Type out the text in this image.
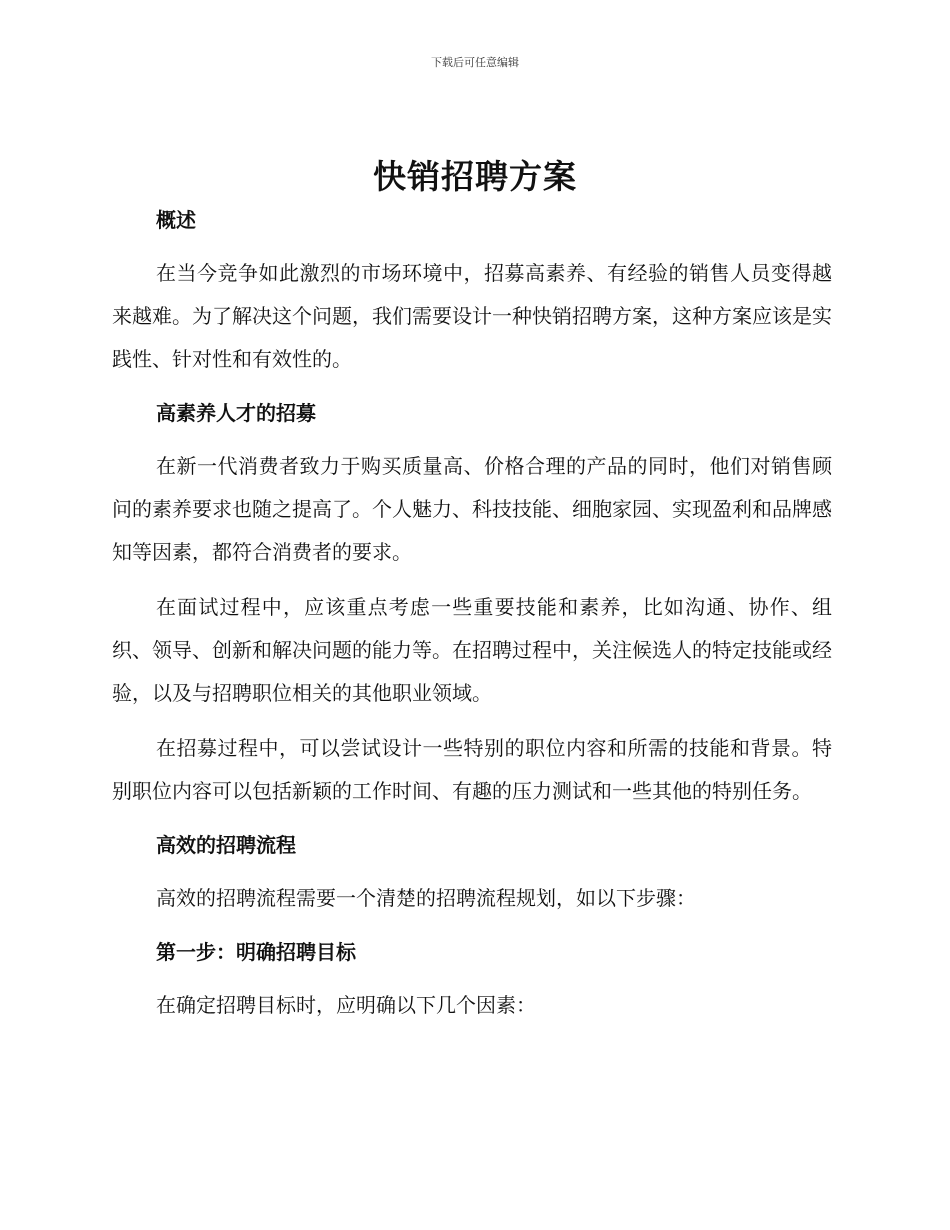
下载后可任意编辑
快销招聘方案

概述

在当今竞争如此激烈的市场环境中，招募高素养、有经验的销售人员变得越来越难。为了解决这个问题，我们需要设计一种快销招聘方案，这种方案应该是实践性、针对性和有效性的。

高素养人才的招募

在新一代消费者致力于购买质量高、价格合理的产品的同时，他们对销售顾问的素养要求也随之提高了。个人魅力、科技技能、细胞家园、实现盈利和品牌感知等因素，都符合消费者的要求。

在面试过程中，应该重点考虑一些重要技能和素养，比如沟通、协作、组织、领导、创新和解决问题的能力等。在招聘过程中，关注候选人的特定技能或经验，以及与招聘职位相关的其他职业领域。

在招募过程中，可以尝试设计一些特别的职位内容和所需的技能和背景。特别职位内容可以包括新颖的工作时间、有趣的压力测试和一些其他的特别任务。

高效的招聘流程

高效的招聘流程需要一个清楚的招聘流程规划，如以下步骤：

第一步：明确招聘目标

在确定招聘目标时，应明确以下几个因素：
